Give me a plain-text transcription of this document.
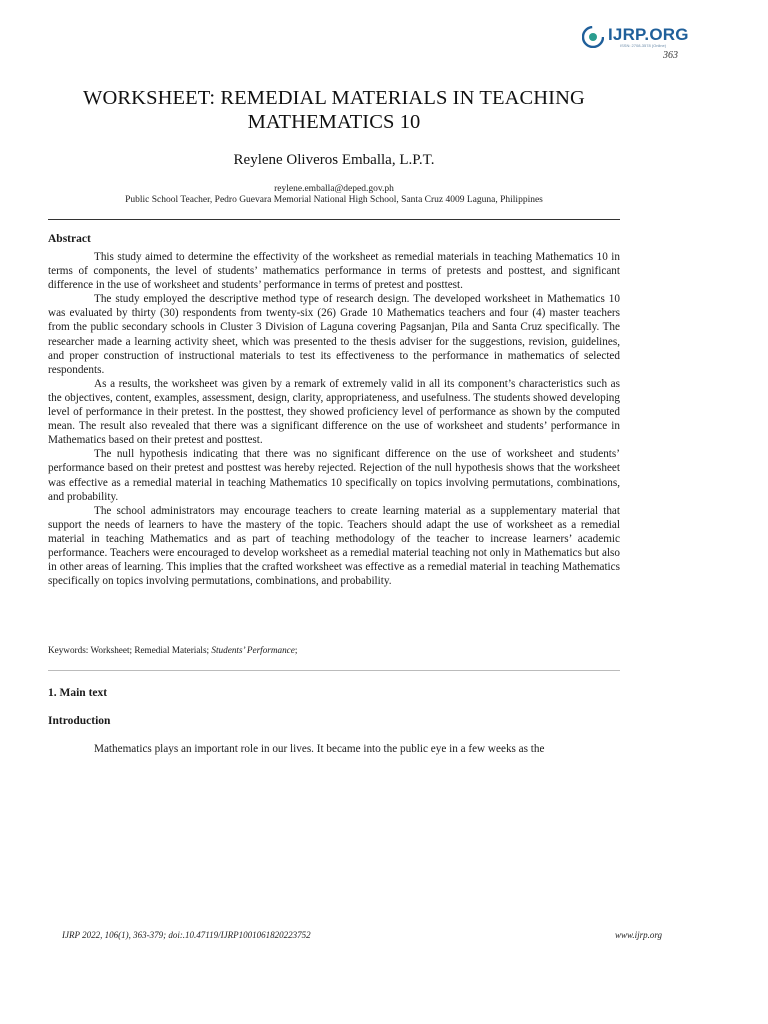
IJRP.ORG
ISSN: 2708-3578 (Online)
363
WORKSHEET: REMEDIAL MATERIALS IN TEACHING
MATHEMATICS 10
Reylene Oliveros Emballa, L.P.T.
reylene.emballa@deped.gov.ph
Public School Teacher, Pedro Guevara Memorial National High School, Santa Cruz 4009 Laguna, Philippines
Abstract

This study aimed to determine the effectivity of the worksheet as remedial materials in teaching Mathematics 10 in terms of components, the level of students’ mathematics performance in terms of pretests and posttest, and significant difference in the use of worksheet and students’ performance in terms of pretest and posttest.

The study employed the descriptive method type of research design. The developed worksheet in Mathematics 10 was evaluated by thirty (30) respondents from twenty-six (26) Grade 10 Mathematics teachers and four (4) master teachers from the public secondary schools in Cluster 3 Division of Laguna covering Pagsanjan, Pila and Santa Cruz specifically. The researcher made a learning activity sheet, which was presented to the thesis adviser for the suggestions, revision, guidelines, and proper construction of instructional materials to test its effectiveness to the performance in mathematics of selected respondents.

As a results, the worksheet was given by a remark of extremely valid in all its component’s characteristics such as the objectives, content, examples, assessment, design, clarity, appropriateness, and usefulness. The students showed developing level of performance in their pretest. In the posttest, they showed proficiency level of performance as shown by the computed mean. The result also revealed that there was a significant difference on the use of worksheet and students’ performance in Mathematics based on their pretest and posttest.

The null hypothesis indicating that there was no significant difference on the use of worksheet and students’ performance based on their pretest and posttest was hereby rejected. Rejection of the null hypothesis shows that the worksheet was effective as a remedial material in teaching Mathematics 10 specifically on topics involving permutations, combinations, and probability.

The school administrators may encourage teachers to create learning material as a supplementary material that support the needs of learners to have the mastery of the topic. Teachers should adapt the use of worksheet as a remedial material in teaching Mathematics and as part of teaching methodology of the teacher to increase learners’ academic performance. Teachers were encouraged to develop worksheet as a remedial material teaching not only in Mathematics but also in other areas of learning. This implies that the crafted worksheet was effective as a remedial material in teaching Mathematics specifically on topics involving permutations, combinations, and probability.

Keywords: Worksheet; Remedial Materials; Students’ Performance;
1. Main text
Introduction

Mathematics plays an important role in our lives. It became into the public eye in a few weeks as the

IJRP 2022, 106(1), 363-379; doi:.10.47119/IJRP1001061820223752	www.ijrp.org
